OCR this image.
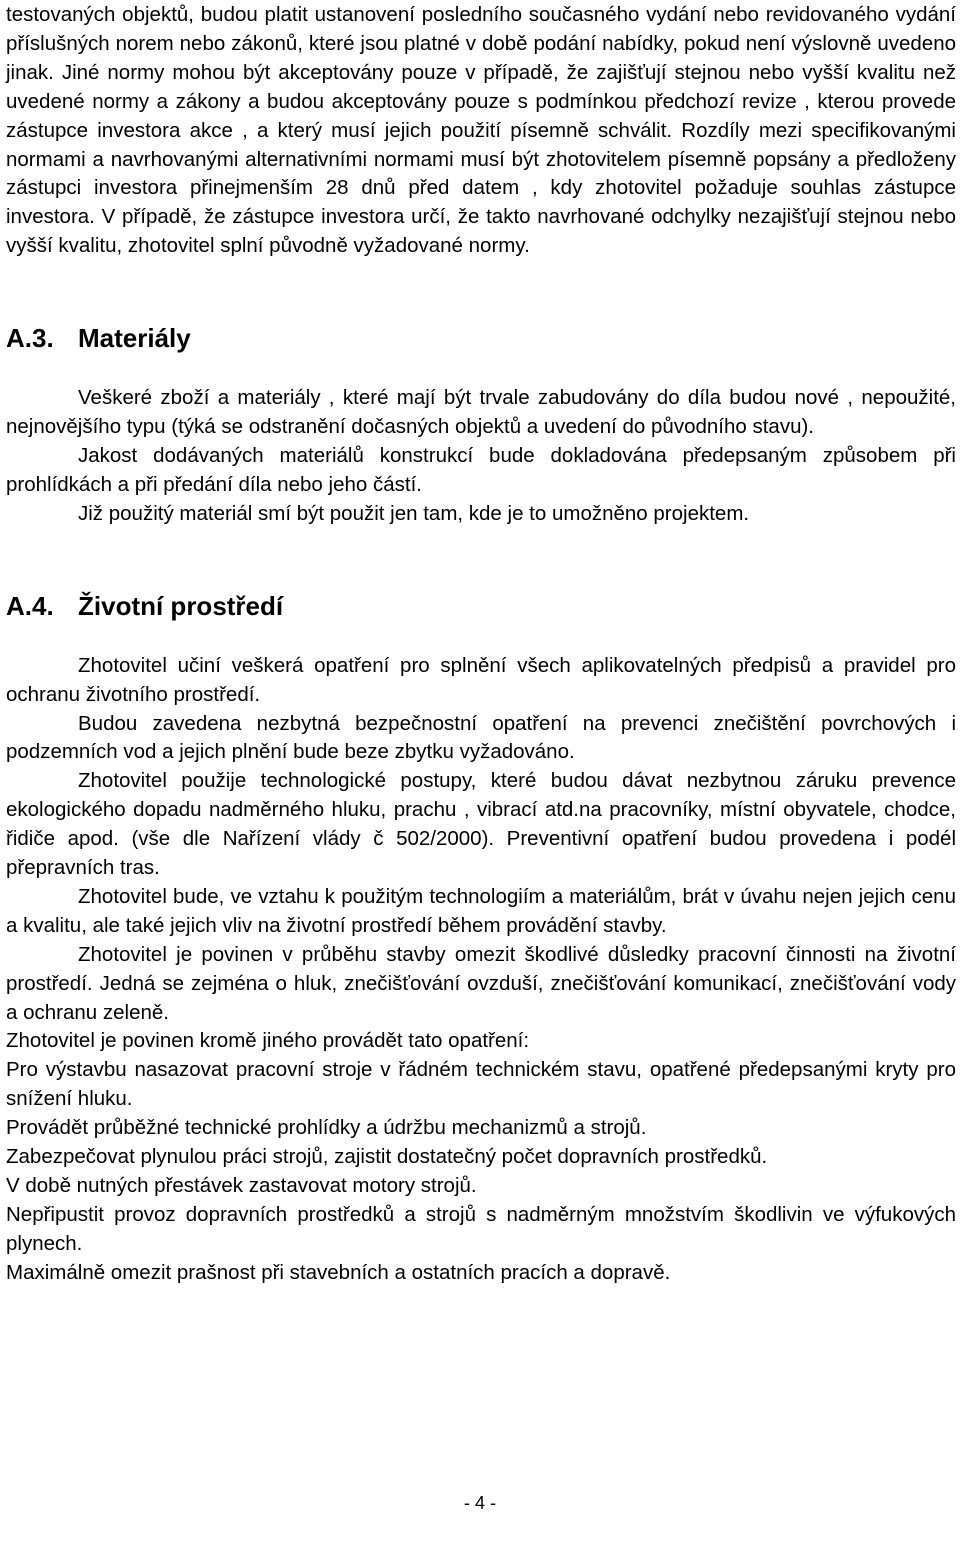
testovaných objektů, budou platit ustanovení posledního současného vydání nebo revidovaného vydání příslušných norem nebo zákonů, které jsou platné v době podání nabídky, pokud není výslovně uvedeno jinak. Jiné normy mohou být akceptovány pouze v případě, že zajišťují stejnou nebo vyšší kvalitu než uvedené normy a zákony a budou akceptovány pouze s podmínkou předchozí revize , kterou provede zástupce investora akce , a který musí jejich použití písemně schválit. Rozdíly mezi specifikovanými normami a navrhovanými alternativními normami musí být zhotovitelem písemně popsány a předloženy zástupci investora přinejmenším 28 dnů před datem , kdy zhotovitel požaduje souhlas zástupce investora. V případě, že zástupce investora určí, že takto navrhované odchylky nezajišťují stejnou nebo vyšší kvalitu, zhotovitel splní původně vyžadované normy.

A.3. Materiály

Veškeré zboží a materiály , které mají být trvale zabudovány do díla budou nové , nepoužité, nejnovějšího typu (týká se odstranění dočasných objektů a uvedení do původního stavu).

Jakost dodávaných materiálů konstrukcí bude dokladována předepsaným způsobem při prohlídkách a při předání díla nebo jeho částí.

Již použitý materiál smí být použit jen tam, kde je to umožněno projektem.

A.4. Životní prostředí

Zhotovitel učiní veškerá opatření pro splnění všech aplikovatelných předpisů a pravidel pro ochranu životního prostředí.

Budou zavedena nezbytná bezpečnostní opatření na prevenci znečištění povrchových i podzemních vod a jejich plnění bude beze zbytku vyžadováno.

Zhotovitel použije technologické postupy, které budou dávat nezbytnou záruku prevence ekologického dopadu nadměrného hluku, prachu , vibrací atd.na pracovníky, místní obyvatele, chodce, řidiče apod. (vše dle Nařízení vlády č 502/2000). Preventivní opatření budou provedena i podél přepravních tras.

Zhotovitel bude, ve vztahu k použitým technologiím a materiálům, brát v úvahu nejen jejich cenu a kvalitu, ale také jejich vliv na životní prostředí během provádění stavby.

Zhotovitel je povinen v průběhu stavby omezit škodlivé důsledky pracovní činnosti na životní prostředí. Jedná se zejména o hluk, znečišťování ovzduší, znečišťování komunikací, znečišťování vody a ochranu zeleně.

Zhotovitel je povinen kromě jiného provádět tato opatření:

Pro výstavbu nasazovat pracovní stroje v řádném technickém stavu, opatřené předepsanými kryty pro snížení hluku.

Provádět průběžné technické prohlídky a údržbu mechanizmů a strojů.

Zabezpečovat plynulou práci strojů, zajistit dostatečný počet dopravních prostředků.

V době nutných přestávek zastavovat motory strojů.

Nepřipustit provoz dopravních prostředků a strojů s nadměrným množstvím škodlivin ve výfukových plynech.

Maximálně omezit prašnost při stavebních a ostatních pracích a dopravě.

- 4 -
